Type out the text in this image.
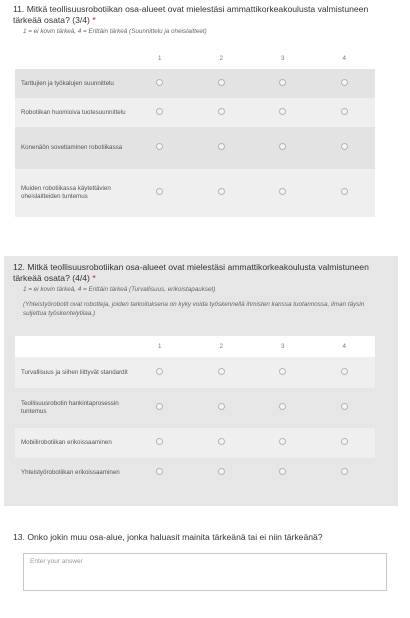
11. Mitkä teollisuusrobotiikan osa-alueet ovat mielestäsi ammattikorkeakoulusta valmistuneen tärkeää osata? (3/4) *
1 = ei kovin tärkeä, 4 = Erittäin tärkeä (Suunnittelu ja oheislaitteet)
	1	2	3	4
Tarttujien ja työkalujen suunnittelu				
Robotiikan huomioiva tuotesuunnittelu				
Konenäön soveltaminen robotiikassa				
Muiden robotiikassa käytettävien oheislaitteiden tuntemus				
12. Mitkä teollisuusrobotiikan osa-alueet ovat mielestäsi ammattikorkeakoulusta valmistuneen tärkeää osata? (4/4) *
1 = ei kovin tärkeä, 4 = Erittäin tärkeä (Turvallisuus, erikoistapaukset)
(Yhteistyörobotit ovat robotteja, joiden tarkoituksena on kyky voida työskennellä ihmisten kanssa tuotannossa, ilman täysin suljettua työskentelytilaa.)
	1	2	3	4
Turvallisuus ja siihen liittyvät standardit				
Teollisuusrobotin hankintaprosessin tuntemus				
Mobiilirobotiikan erikoissaaminen				
Yhteistyörobotiikan erikoissaaminen				
13. Onko jokin muu osa-alue, jonka haluasit mainita tärkeänä tai ei niin tärkeänä?
Enter your answer
